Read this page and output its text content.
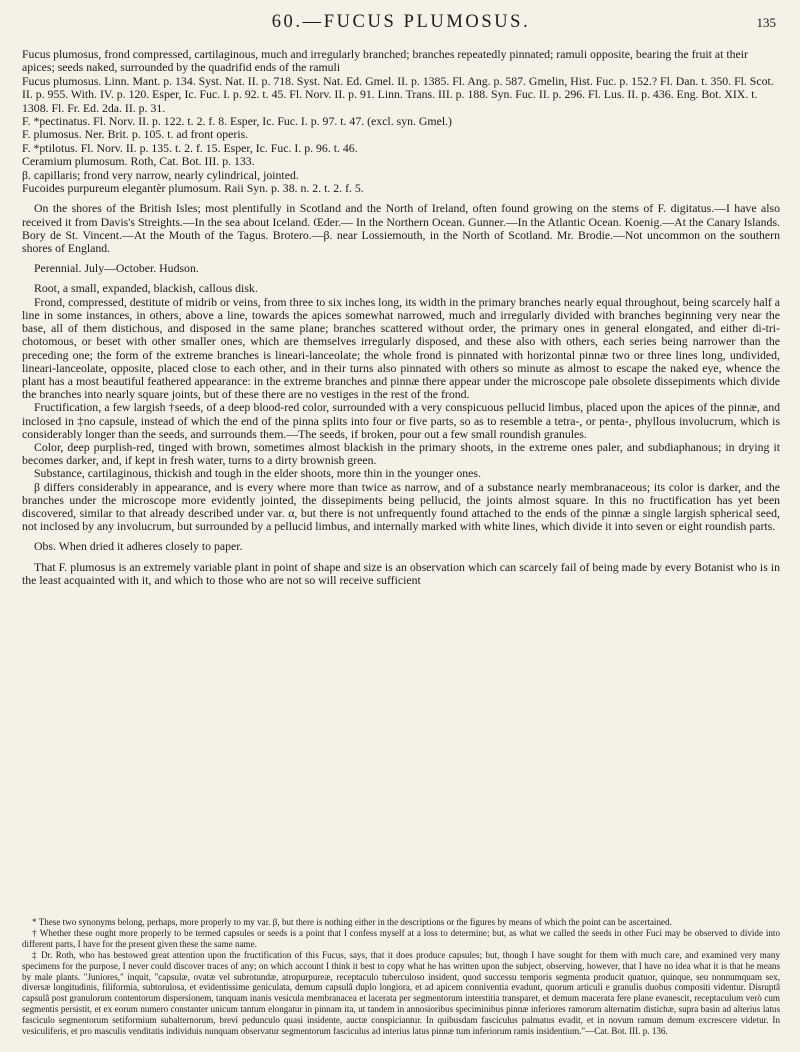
60.—FUCUS PLUMOSUS.	135

Fucus plumosus, frond compressed, cartilaginous, much and irregularly branched; branches repeatedly pinnated; ramuli opposite, bearing the fruit at their apices; seeds naked, surrounded by the quadrifid ends of the ramuli

Fucus plumosus. Linn. Mant. p. 134. Syst. Nat. II. p. 718. Syst. Nat. Ed. Gmel. II. p. 1385. Fl. Ang. p. 587. Gmelin, Hist. Fuc. p. 152.? Fl. Dan. t. 350. Fl. Scot. II. p. 955. With. IV. p. 120. Esper, Ic. Fuc. I. p. 92. t. 45. Fl. Norv. II. p. 91. Linn. Trans. III. p. 188. Syn. Fuc. II. p. 296. Fl. Lus. II. p. 436. Eng. Bot. XIX. t. 1308. Fl. Fr. Ed. 2da. II. p. 31.

F. *pectinatus. Fl. Norv. II. p. 122. t. 2. f. 8. Esper, Ic. Fuc. I. p. 97. t. 47. (excl. syn. Gmel.)

F. plumosus. Ner. Brit. p. 105. t. ad front operis.

F. *ptilotus. Fl. Norv. II. p. 135. t. 2. f. 15. Esper, Ic. Fuc. I. p. 96. t. 46.

Ceramium plumosum. Roth, Cat. Bot. III. p. 133.

β. capillaris; frond very narrow, nearly cylindrical, jointed.

Fucoides purpureum elegantèr plumosum. Raii Syn. p. 38. n. 2. t. 2. f. 5.

On the shores of the British Isles; most plentifully in Scotland and the North of Ireland, often found growing on the stems of F. digitatus.—I have also received it from Davis's Streights.—In the sea about Iceland. Œder.— In the Northern Ocean. Gunner.—In the Atlantic Ocean. Koenig.—At the Canary Islands. Bory de St. Vincent.—At the Mouth of the Tagus. Brotero.—β. near Lossiemouth, in the North of Scotland. Mr. Brodie.—Not uncommon on the southern shores of England.

Perennial. July—October. Hudson.

Root, a small, expanded, blackish, callous disk.

Frond, compressed, destitute of midrib or veins, from three to six inches long, its width in the primary branches nearly equal throughout, being scarcely half a line in some instances, in others, above a line, towards the apices somewhat narrowed, much and irregularly divided with branches beginning very near the base, all of them distichous, and disposed in the same plane; branches scattered without order, the primary ones in general elongated, and either di-tri-chotomous, or beset with other smaller ones, which are themselves irregularly disposed, and these also with others, each series being narrower than the preceding one; the form of the extreme branches is lineari-lanceolate; the whole frond is pinnated with horizontal pinnæ two or three lines long, undivided, lineari-lanceolate, opposite, placed close to each other, and in their turns also pinnated with others so minute as almost to escape the naked eye, whence the plant has a most beautiful feathered appearance: in the extreme branches and pinnæ there appear under the microscope pale obsolete dissepiments which divide the branches into nearly square joints, but of these there are no vestiges in the rest of the frond.

Fructification, a few largish †seeds, of a deep blood-red color, surrounded with a very conspicuous pellucid limbus, placed upon the apices of the pinnæ, and inclosed in ‡no capsule, instead of which the end of the pinna splits into four or five parts, so as to resemble a tetra-, or penta-, phyllous involucrum, which is considerably longer than the seeds, and surrounds them.—The seeds, if broken, pour out a few small roundish granules.

Color, deep purplish-red, tinged with brown, sometimes almost blackish in the primary shoots, in the extreme ones paler, and subdiaphanous; in drying it becomes darker, and, if kept in fresh water, turns to a dirty brownish green.

Substance, cartilaginous, thickish and tough in the elder shoots, more thin in the younger ones.

β differs considerably in appearance, and is every where more than twice as narrow, and of a substance nearly membranaceous; its color is darker, and the branches under the microscope more evidently jointed, the dissepiments being pellucid, the joints almost square. In this no fructification has yet been discovered, similar to that already described under var. α, but there is not unfrequently found attached to the ends of the pinnæ a single largish spherical seed, not inclosed by any involucrum, but surrounded by a pellucid limbus, and internally marked with white lines, which divide it into seven or eight roundish parts.

Obs. When dried it adheres closely to paper.

That F. plumosus is an extremely variable plant in point of shape and size is an observation which can scarcely fail of being made by every Botanist who is in the least acquainted with it, and which to those who are not so will receive sufficient

* These two synonyms belong, perhaps, more properly to my var. β, but there is nothing either in the descriptions or the figures by means of which the point can be ascertained.

† Whether these ought more properly to be termed capsules or seeds is a point that I confess myself at a loss to determine; but, as what we called the seeds in other Fuci may be observed to divide into different parts, I have for the present given these the same name.

‡ Dr. Roth, who has bestowed great attention upon the fructification of this Fucus, says, that it does produce capsules; but, though I have sought for them with much care, and examined very many specimens for the purpose, I never could discover traces of any; on which account I think it best to copy what he has written upon the subject, observing, however, that I have no idea what it is that he means by male plants. "Juniores," inquit, "capsulæ, ovatæ vel subrotundæ, atropurpureæ, receptaculo tuberculoso insident, quod successu temporis segmenta producit quatuor, quinque, seu nonnumquam sex, diversæ longitudinis, filiformia, subtorulosa, et evidentissime geniculata, demum capsulâ duplo longiora, et ad apicem conniventia evadunt, quorum articuli e granulis duobus compositi videntur. Disruptâ capsulâ post granulorum contentorum dispersionem, tanquam inanis vesicula membranacea et lacerata per segmentorum interstitia transparet, et demum macerata fere plane evanescit, receptaculum verò cum segmentis persistit, et ex eorum numero constanter unicum tantum elongatur in pinnam ita, ut tandem in annosioribus speciminibus pinnæ inferiores ramorum alternatim distichæ, supra basin ad alterius latus fasciculo segmentorum setiformium subalternorum, brevi pedunculo quasi insidente, auctæ conspiciantur. In quibusdam fasciculus palmatus evadit, et in novum ramum demum excrescere videtur. In vesiculiferis, et pro masculis venditatis individuis nunquam observatur segmentorum fasciculus ad interius latus pinnæ tum inferiorum ramis insidentium."—Cat. Bot. III. p. 136.
